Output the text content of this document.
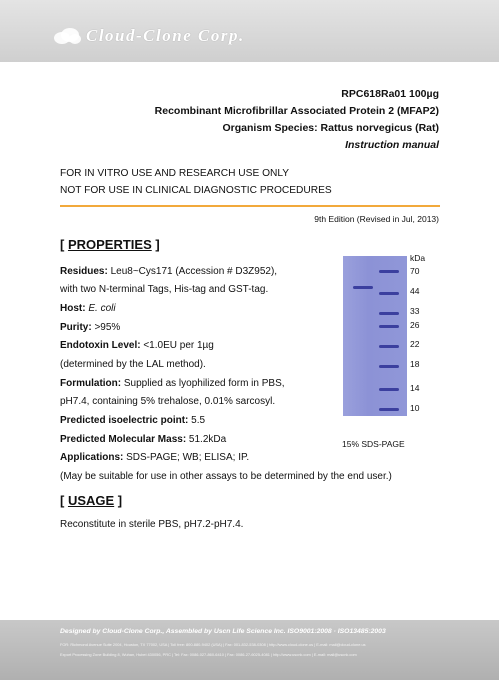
Cloud-Clone Corp.
RPC618Ra01 100µg
Recombinant Microfibrillar Associated Protein 2 (MFAP2)
Organism Species: Rattus norvegicus (Rat)
Instruction manual
FOR IN VITRO USE AND RESEARCH USE ONLY
NOT FOR USE IN CLINICAL DIAGNOSTIC PROCEDURES
9th Edition (Revised in Jul, 2013)
[ PROPERTIES ]
Residues: Leu8~Cys171 (Accession # D3Z952),
with two N-terminal Tags, His-tag and GST-tag.
Host: E. coli
Purity: >95%
Endotoxin Level: <1.0EU per 1µg
(determined by the LAL method).
Formulation: Supplied as lyophilized form in PBS,
pH7.4, containing 5% trehalose, 0.01% sarcosyl.
Predicted isoelectric point: 5.5
Predicted Molecular Mass: 51.2kDa
Applications: SDS-PAGE; WB; ELISA; IP.
(May be suitable for use in other assays to be determined by the end user.)
kDa
70
44
33
26
22
18
14
10
15% SDS-PAGE
[ USAGE ]
Reconstitute in sterile PBS, pH7.2-pH7.4.
Designed by Cloud-Clone Corp., Assembled by Uscn Life Science Inc. ISO9001:2008 · ISO13485:2003
FOR: Richmond Avenue Suite 2004, Houston, TX 77002, USA | Toll free: 800-880-9402 (USA) | Fax: 001-832-538-0308 | http://www.cloud-clone.us | E-mail: mail@cloud-clone.us
Export Processing Zone Building 8, Wuhan, Hubei 430056, PRC | Tel: Fax: 0086-027-860-6410 | Fax: 0086-27-6025-4081 | http://www.uscnk.com | E-mail: mail@uscnk.com
